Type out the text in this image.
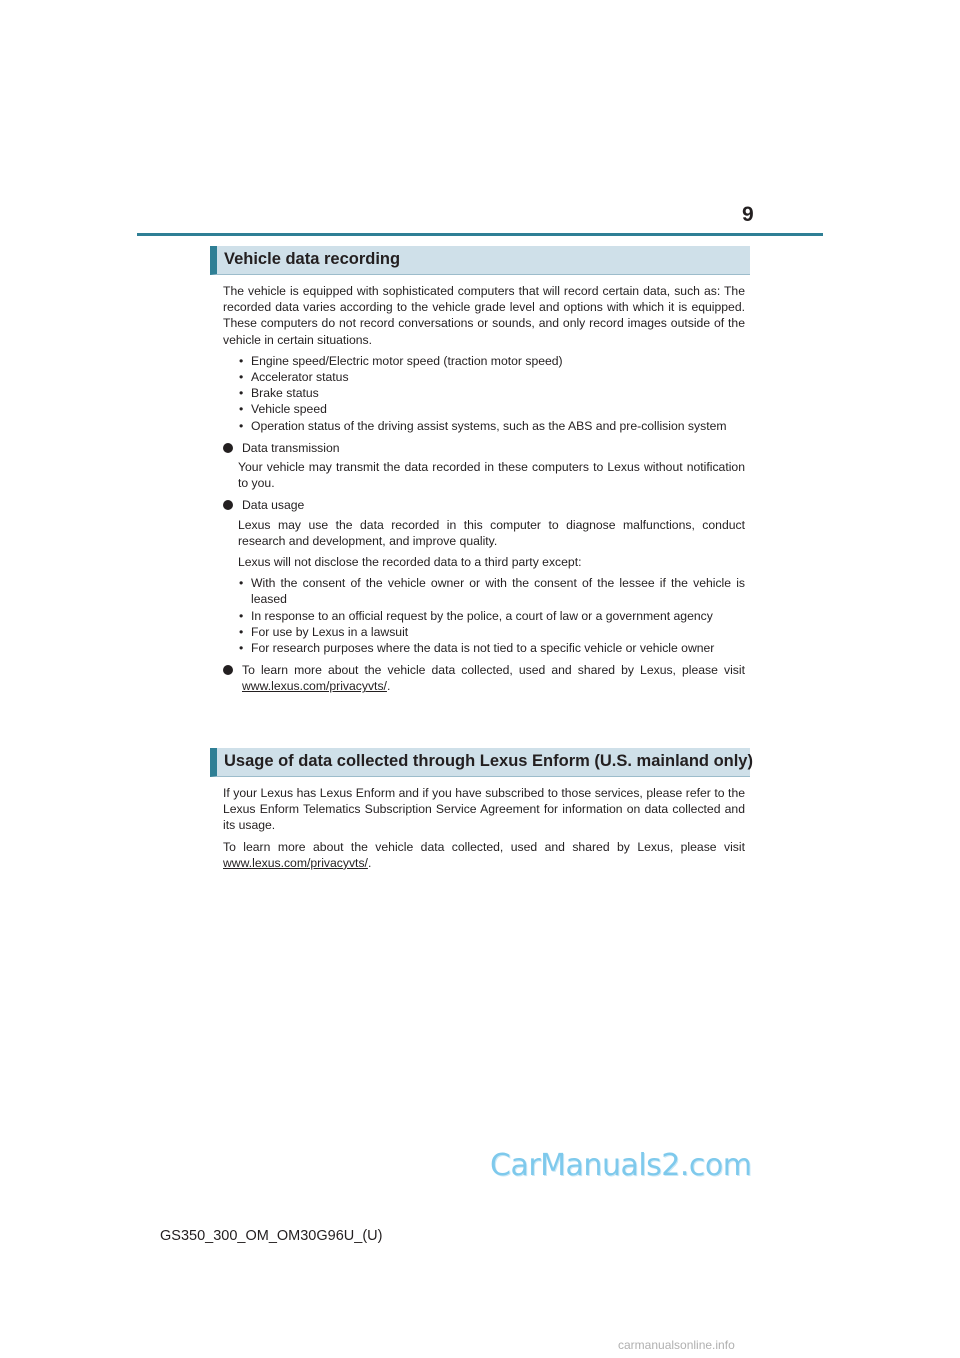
9
Vehicle data recording

The vehicle is equipped with sophisticated computers that will record certain data, such as: The recorded data varies according to the vehicle grade level and options with which it is equipped. These computers do not record conversations or sounds, and only record images outside of the vehicle in certain situations.

• Engine speed/Electric motor speed (traction motor speed)
• Accelerator status
• Brake status
• Vehicle speed
• Operation status of the driving assist systems, such as the ABS and pre-collision system
Data transmission

Your vehicle may transmit the data recorded in these computers to Lexus without notification to you.

Data usage

Lexus may use the data recorded in this computer to diagnose malfunctions, conduct research and development, and improve quality.

Lexus will not disclose the recorded data to a third party except:

• With the consent of the vehicle owner or with the consent of the lessee if the vehicle is leased
• In response to an official request by the police, a court of law or a government agency
• For use by Lexus in a lawsuit
• For research purposes where the data is not tied to a specific vehicle or vehicle owner

To learn more about the vehicle data collected, used and shared by Lexus, please visit www.lexus.com/privacyvts/.

Usage of data collected through Lexus Enform (U.S. mainland only)

If your Lexus has Lexus Enform and if you have subscribed to those services, please refer to the Lexus Enform Telematics Subscription Service Agreement for information on data collected and its usage.

To learn more about the vehicle data collected, used and shared by Lexus, please visit www.lexus.com/privacyvts/.

CarManuals2.com
GS350_300_OM_OM30G96U_(U)
carmanualsonline.info
